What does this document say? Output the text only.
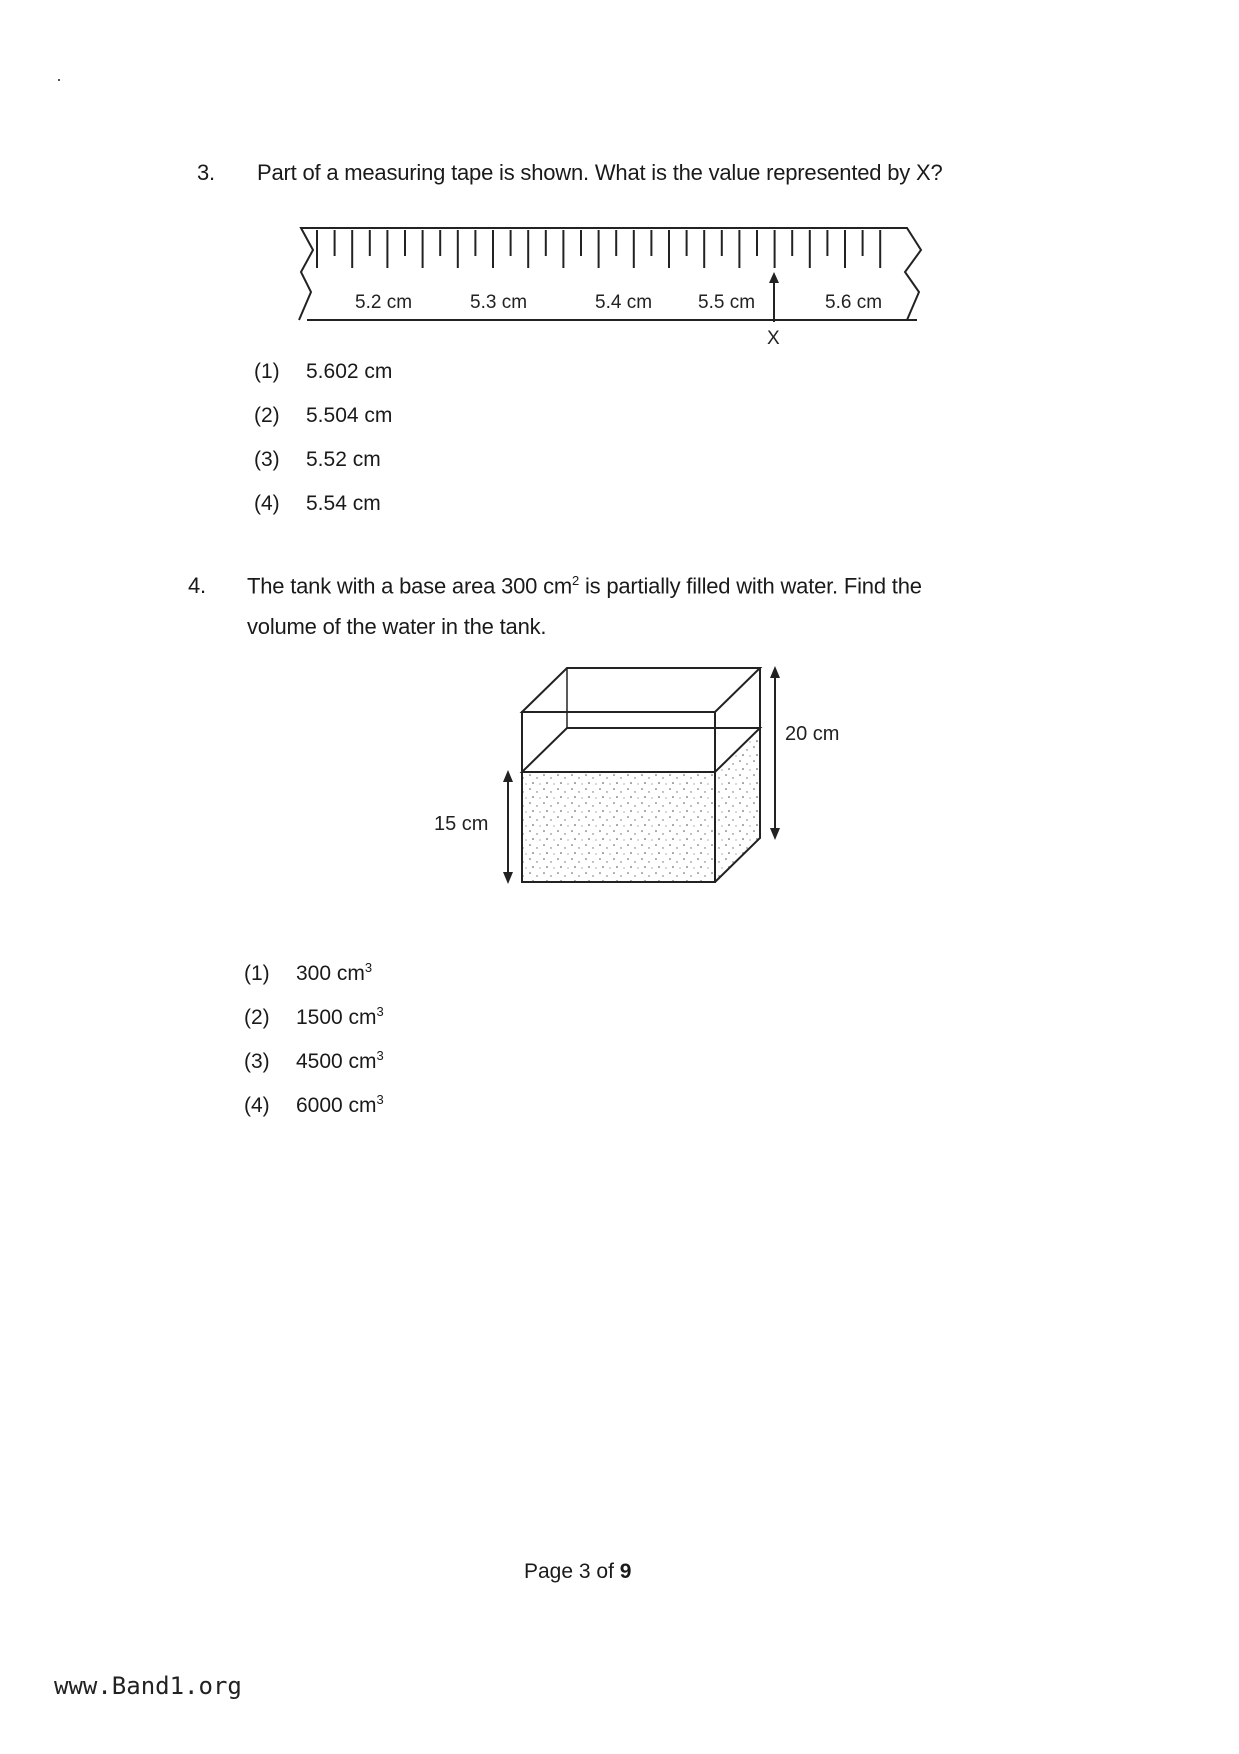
3. Part of a measuring tape is shown. What is the value represented by X?
5.2 cm	5.3 cm	5.4 cm 5.5 cm	5.6 cm
X
(1) 5.602 cm
(2) 5.504 cm
(3) 5.52 cm
(4) 5.54 cm
4. The tank with a base area 300 $cm^2$ is partially filled with water. Find the
volume of the water in the tank.
20 cm
15 cm
(1) 300 $cm^3$
(2) 1500 $cm^3$
(3) 4500 $cm^3$
(4) 6000 $cm^3$
Page 3 of 9
www.Band1.org
